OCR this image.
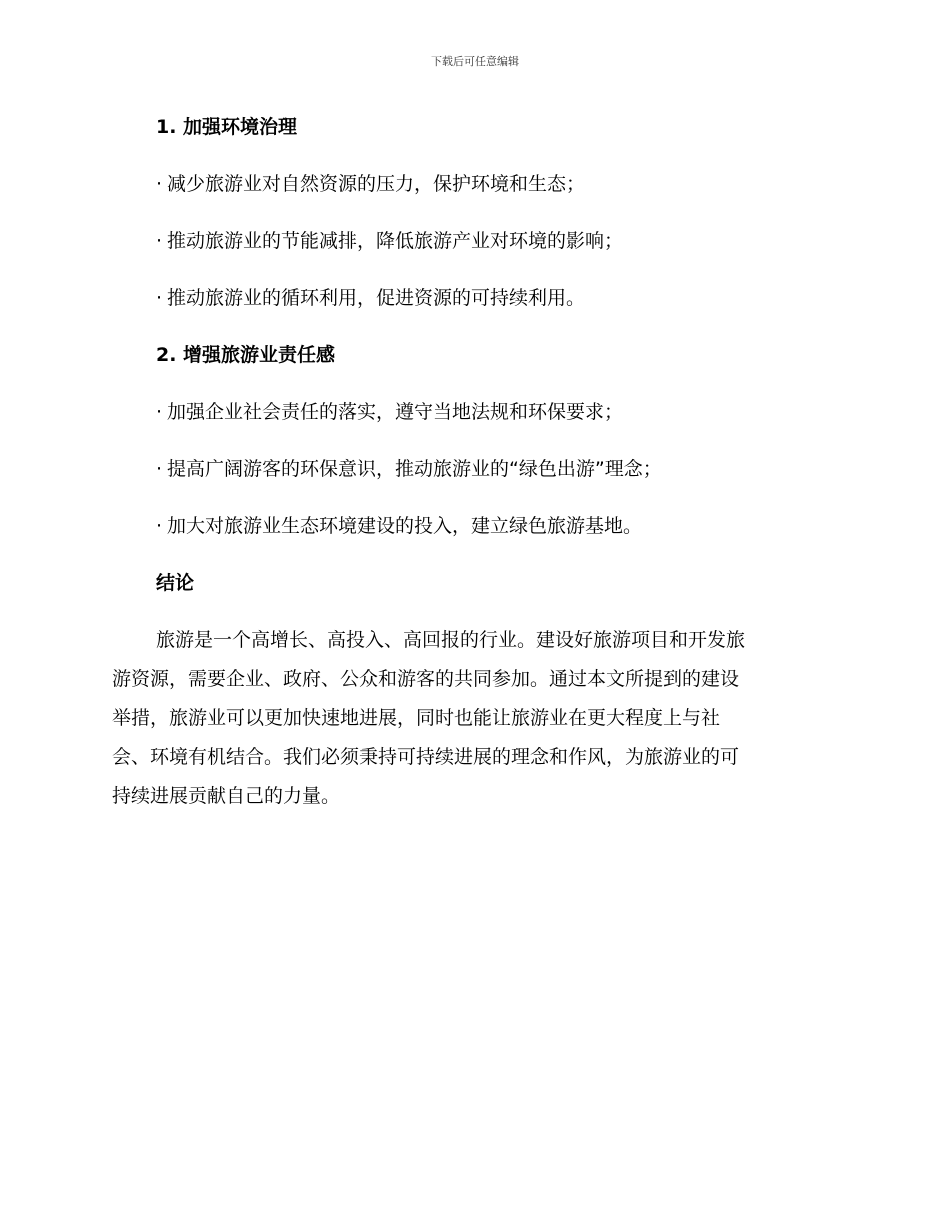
下载后可任意编辑
1. 加强环境治理
· 减少旅游业对自然资源的压力，保护环境和生态；
· 推动旅游业的节能减排，降低旅游产业对环境的影响；
· 推动旅游业的循环利用，促进资源的可持续利用。
2. 增强旅游业责任感
· 加强企业社会责任的落实，遵守当地法规和环保要求；
· 提高广阔游客的环保意识，推动旅游业的“绿色出游”理念；
· 加大对旅游业生态环境建设的投入，建立绿色旅游基地。
结论
旅游是一个高增长、高投入、高回报的行业。建设好旅游项目和开发旅
游资源，需要企业、政府、公众和游客的共同参加。通过本文所提到的建设
举措，旅游业可以更加快速地进展，同时也能让旅游业在更大程度上与社
会、环境有机结合。我们必须秉持可持续进展的理念和作风，为旅游业的可
持续进展贡献自己的力量。
